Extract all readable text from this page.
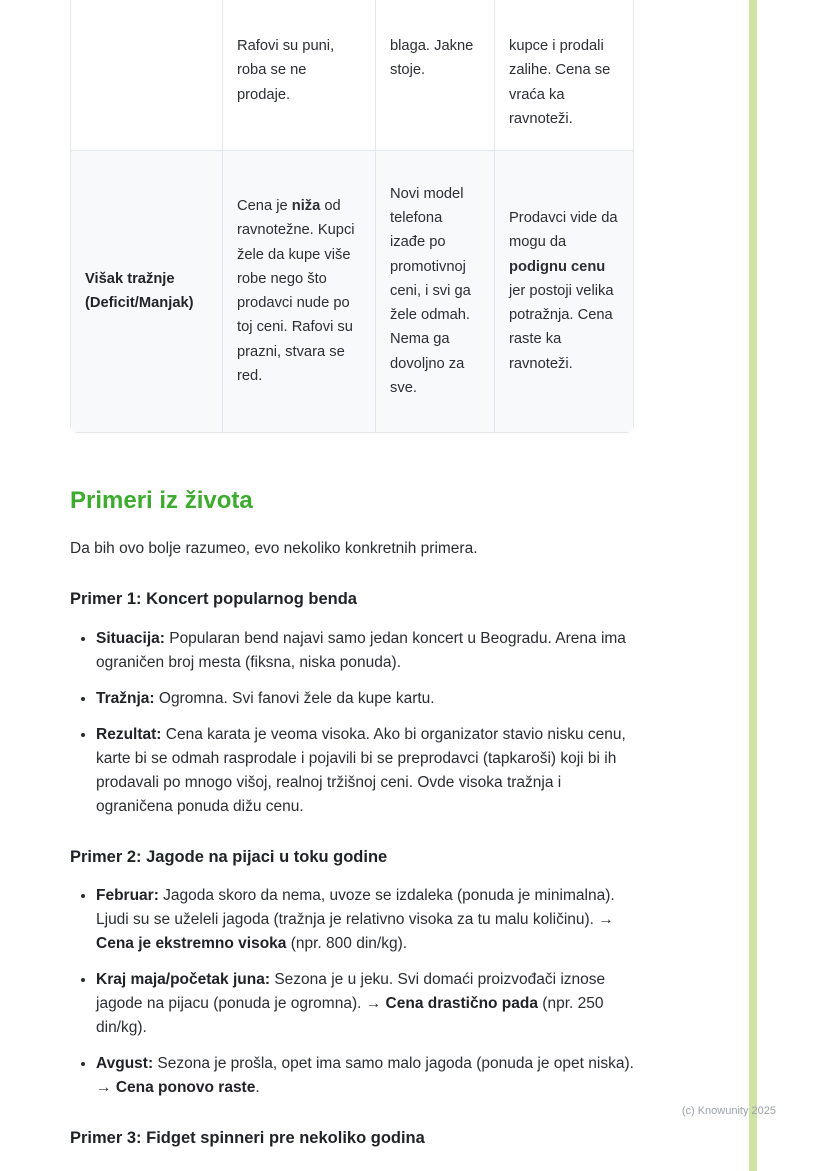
	Rafovi su puni, roba se ne prodaje.	blaga. Jakne stoje.	kupce i prodali zalihe. Cena se vraća ka ravnoteži.
Višak tražnje (Deficit/Manjak)	Cena je niža od ravnotežne. Kupci žele da kupe više robe nego što prodavci nude po toj ceni. Rafovi su prazni, stvara se red.	Novi model telefona izađe po promotivnoj ceni, i svi ga žele odmah. Nema ga dovoljno za sve.	Prodavci vide da mogu da podignu cenu jer postoji velika potražnja. Cena raste ka ravnoteži.
Primeri iz života

Da bih ovo bolje razumeo, evo nekoliko konkretnih primera.

Primer 1: Koncert popularnog benda
• Situacija: Popularan bend najavi samo jedan koncert u Beogradu. Arena ima ograničen broj mesta (fiksna, niska ponuda).
• Tražnja: Ogromna. Svi fanovi žele da kupe kartu.
• Rezultat: Cena karata je veoma visoka. Ako bi organizator stavio nisku cenu, karte bi se odmah rasprodale i pojavili bi se preprodavci (tapkaroši) koji bi ih prodavali po mnogo višoj, realnoj tržišnoj ceni. Ovde visoka tražnja i ograničena ponuda dižu cenu.
Primer 2: Jagode na pijaci u toku godine
• Februar: Jagoda skoro da nema, uvoze se izdaleka (ponuda je minimalna). Ljudi su se uželeli jagoda (tražnja je relativno visoka za tu malu količinu). → Cena je ekstremno visoka (npr. 800 din/kg).
• Kraj maja/početak juna: Sezona je u jeku. Svi domaći proizvođači iznose jagode na pijacu (ponuda je ogromna). → Cena drastično pada (npr. 250 din/kg).
• Avgust: Sezona je prošla, opet ima samo malo jagoda (ponuda je opet niska). → Cena ponovo raste.
Primer 3: Fidget spinneri pre nekoliko godina
(c) Knowunity 2025
